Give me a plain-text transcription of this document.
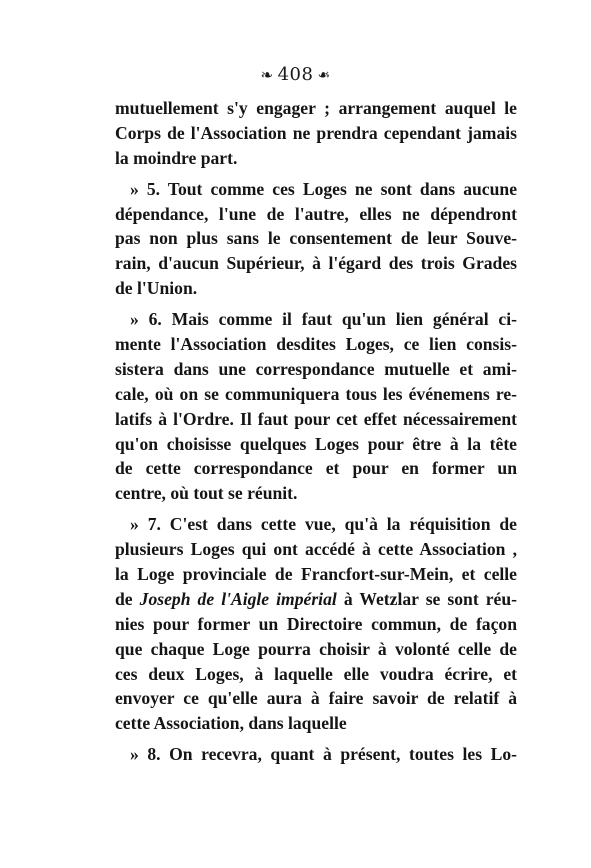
❧ 408 ❧
mutuellement s'y engager ; arrangement auquel le
Corps de l'Association ne prendra cependant jamais
la moindre part.
» 5. Tout comme ces Loges ne sont dans aucune
dépendance, l'une de l'autre, elles ne dépendront
pas non plus sans le consentement de leur Souve-
rain, d'aucun Supérieur, à l'égard des trois Grades
de l'Union.
» 6. Mais comme il faut qu'un lien général ci-
mente l'Association desdites Loges, ce lien consis-
sistera dans une correspondance mutuelle et ami-
cale, où on se communiquera tous les événemens re-
latifs à l'Ordre. Il faut pour cet effet nécessairement
qu'on choisisse quelques Loges pour être à la tête
de cette correspondance et pour en former un
centre, où tout se réunit.
» 7. C'est dans cette vue, qu'à la réquisition de
plusieurs Loges qui ont accédé à cette Association ,
la Loge provinciale de Francfort-sur-Mein, et celle
de Joseph de l'Aigle impérial à Wetzlar se sont réu-
nies pour former un Directoire commun, de façon
que chaque Loge pourra choisir à volonté celle de
ces deux Loges, à laquelle elle voudra écrire, et
envoyer ce qu'elle aura à faire savoir de relatif à
cette Association, dans laquelle
» 8. On recevra, quant à présent, toutes les Lo-
